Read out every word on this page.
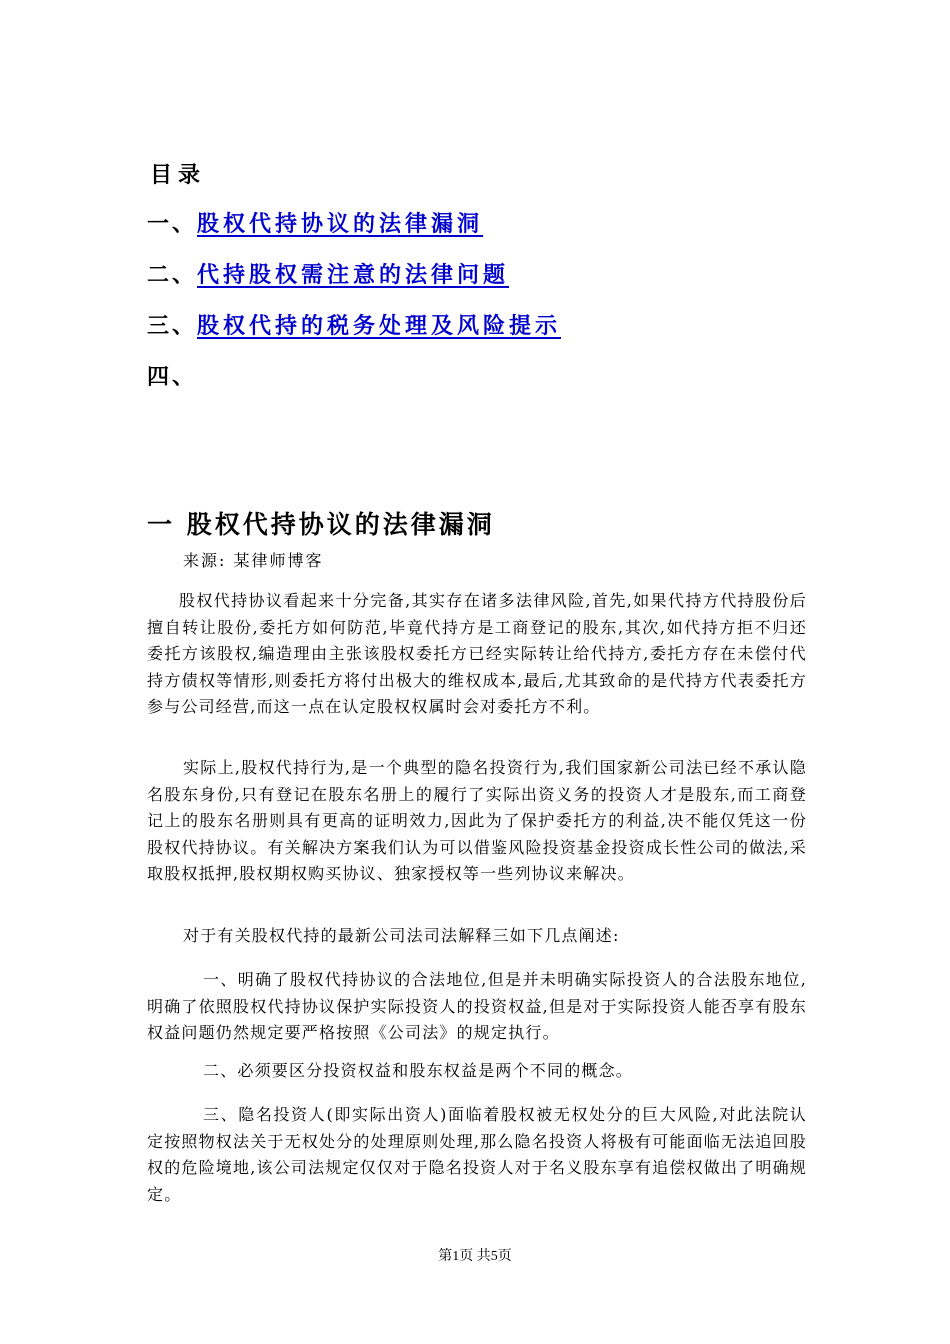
目录
一、股权代持协议的法律漏洞
二、代持股权需注意的法律问题
三、股权代持的税务处理及风险提示
四、
一 股权代持协议的法律漏洞
来源: 某律师博客

股权代持协议看起来十分完备,其实存在诸多法律风险,首先,如果代持方代持股份后擅自转让股份,委托方如何防范,毕竟代持方是工商登记的股东,其次,如代持方拒不归还委托方该股权,编造理由主张该股权委托方已经实际转让给代持方,委托方存在未偿付代持方债权等情形,则委托方将付出极大的维权成本,最后,尤其致命的是代持方代表委托方参与公司经营,而这一点在认定股权权属时会对委托方不利。

实际上,股权代持行为,是一个典型的隐名投资行为,我们国家新公司法已经不承认隐名股东身份,只有登记在股东名册上的履行了实际出资义务的投资人才是股东,而工商登记上的股东名册则具有更高的证明效力,因此为了保护委托方的利益,决不能仅凭这一份股权代持协议。有关解决方案我们认为可以借鉴风险投资基金投资成长性公司的做法,采取股权抵押,股权期权购买协议、独家授权等一些列协议来解决。

对于有关股权代持的最新公司法司法解释三如下几点阐述:

一、明确了股权代持协议的合法地位,但是并未明确实际投资人的合法股东地位,明确了依照股权代持协议保护实际投资人的投资权益,但是对于实际投资人能否享有股东权益问题仍然规定要严格按照《公司法》的规定执行。

二、必须要区分投资权益和股东权益是两个不同的概念。

三、隐名投资人(即实际出资人)面临着股权被无权处分的巨大风险,对此法院认定按照物权法关于无权处分的处理原则处理,那么隐名投资人将极有可能面临无法追回股权的危险境地,该公司法规定仅仅对于隐名投资人对于名义股东享有追偿权做出了明确规定。

第1页 共5页
